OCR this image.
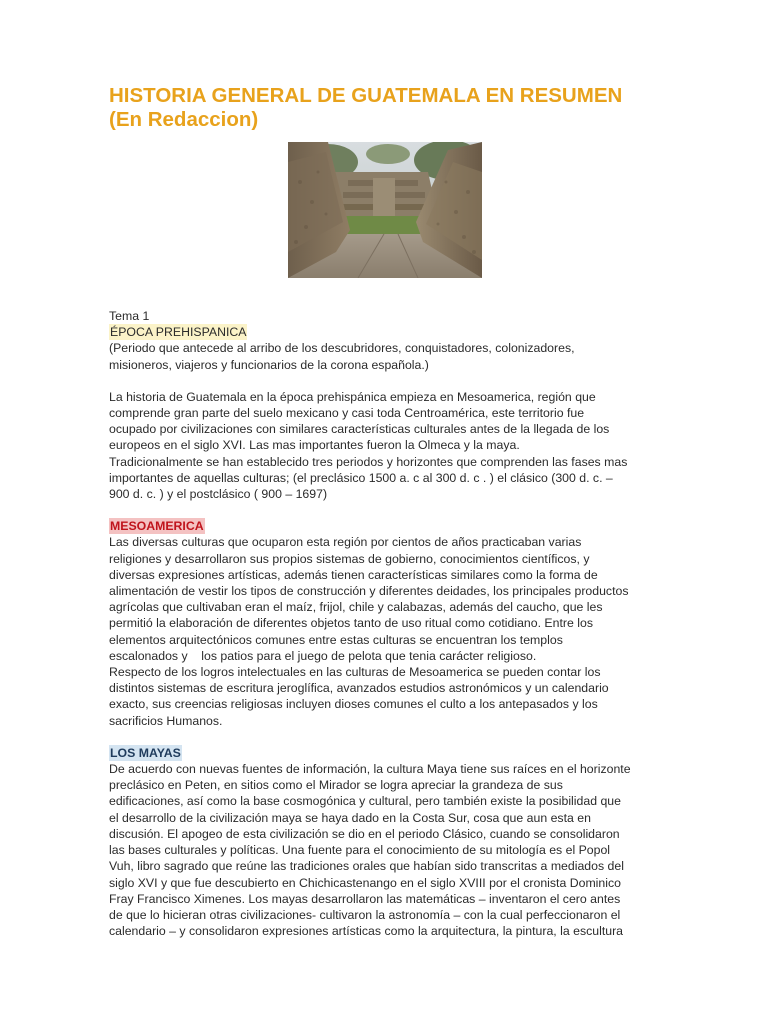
HISTORIA GENERAL DE GUATEMALA EN RESUMEN
(En Redaccion)
Tema 1
ÉPOCA PREHISPANICA
(Periodo que antecede al arribo de los descubridores, conquistadores, colonizadores,
misioneros, viajeros y funcionarios de la corona española.)
La historia de Guatemala en la época prehispánica empieza en Mesoamerica, región que
comprende gran parte del suelo mexicano y casi toda Centroamérica, este territorio fue
ocupado por civilizaciones con similares características culturales antes de la llegada de los
europeos en el siglo XVI. Las mas importantes fueron la Olmeca y la maya.
Tradicionalmente se han establecido tres periodos y horizontes que comprenden las fases mas
importantes de aquellas culturas; (el preclásico 1500 a. c al 300 d. c . ) el clásico (300 d. c. –
900 d. c. ) y el postclásico ( 900 – 1697)
MESOAMERICA
Las diversas culturas que ocuparon esta región por cientos de años practicaban varias
religiones y desarrollaron sus propios sistemas de gobierno, conocimientos científicos, y
diversas expresiones artísticas, además tienen características similares como la forma de
alimentación de vestir los tipos de construcción y diferentes deidades, los principales productos
agrícolas que cultivaban eran el maíz, frijol, chile y calabazas, además del caucho, que les
permitió la elaboración de diferentes objetos tanto de uso ritual como cotidiano. Entre los
elementos arquitectónicos comunes entre estas culturas se encuentran los templos
escalonados y    los patios para el juego de pelota que tenia carácter religioso.
Respecto de los logros intelectuales en las culturas de Mesoamerica se pueden contar los
distintos sistemas de escritura jeroglífica, avanzados estudios astronómicos y un calendario
exacto, sus creencias religiosas incluyen dioses comunes el culto a los antepasados y los
sacrificios Humanos.
LOS MAYAS
De acuerdo con nuevas fuentes de información, la cultura Maya tiene sus raíces en el horizonte
preclásico en Peten, en sitios como el Mirador se logra apreciar la grandeza de sus
edificaciones, así como la base cosmogónica y cultural, pero también existe la posibilidad que
el desarrollo de la civilización maya se haya dado en la Costa Sur, cosa que aun esta en
discusión. El apogeo de esta civilización se dio en el periodo Clásico, cuando se consolidaron
las bases culturales y políticas. Una fuente para el conocimiento de su mitología es el Popol
Vuh, libro sagrado que reúne las tradiciones orales que habían sido transcritas a mediados del
siglo XVI y que fue descubierto en Chichicastenango en el siglo XVIII por el cronista Dominico
Fray Francisco Ximenes. Los mayas desarrollaron las matemáticas – inventaron el cero antes
de que lo hicieran otras civilizaciones- cultivaron la astronomía – con la cual perfeccionaron el
calendario – y consolidaron expresiones artísticas como la arquitectura, la pintura, la escultura
